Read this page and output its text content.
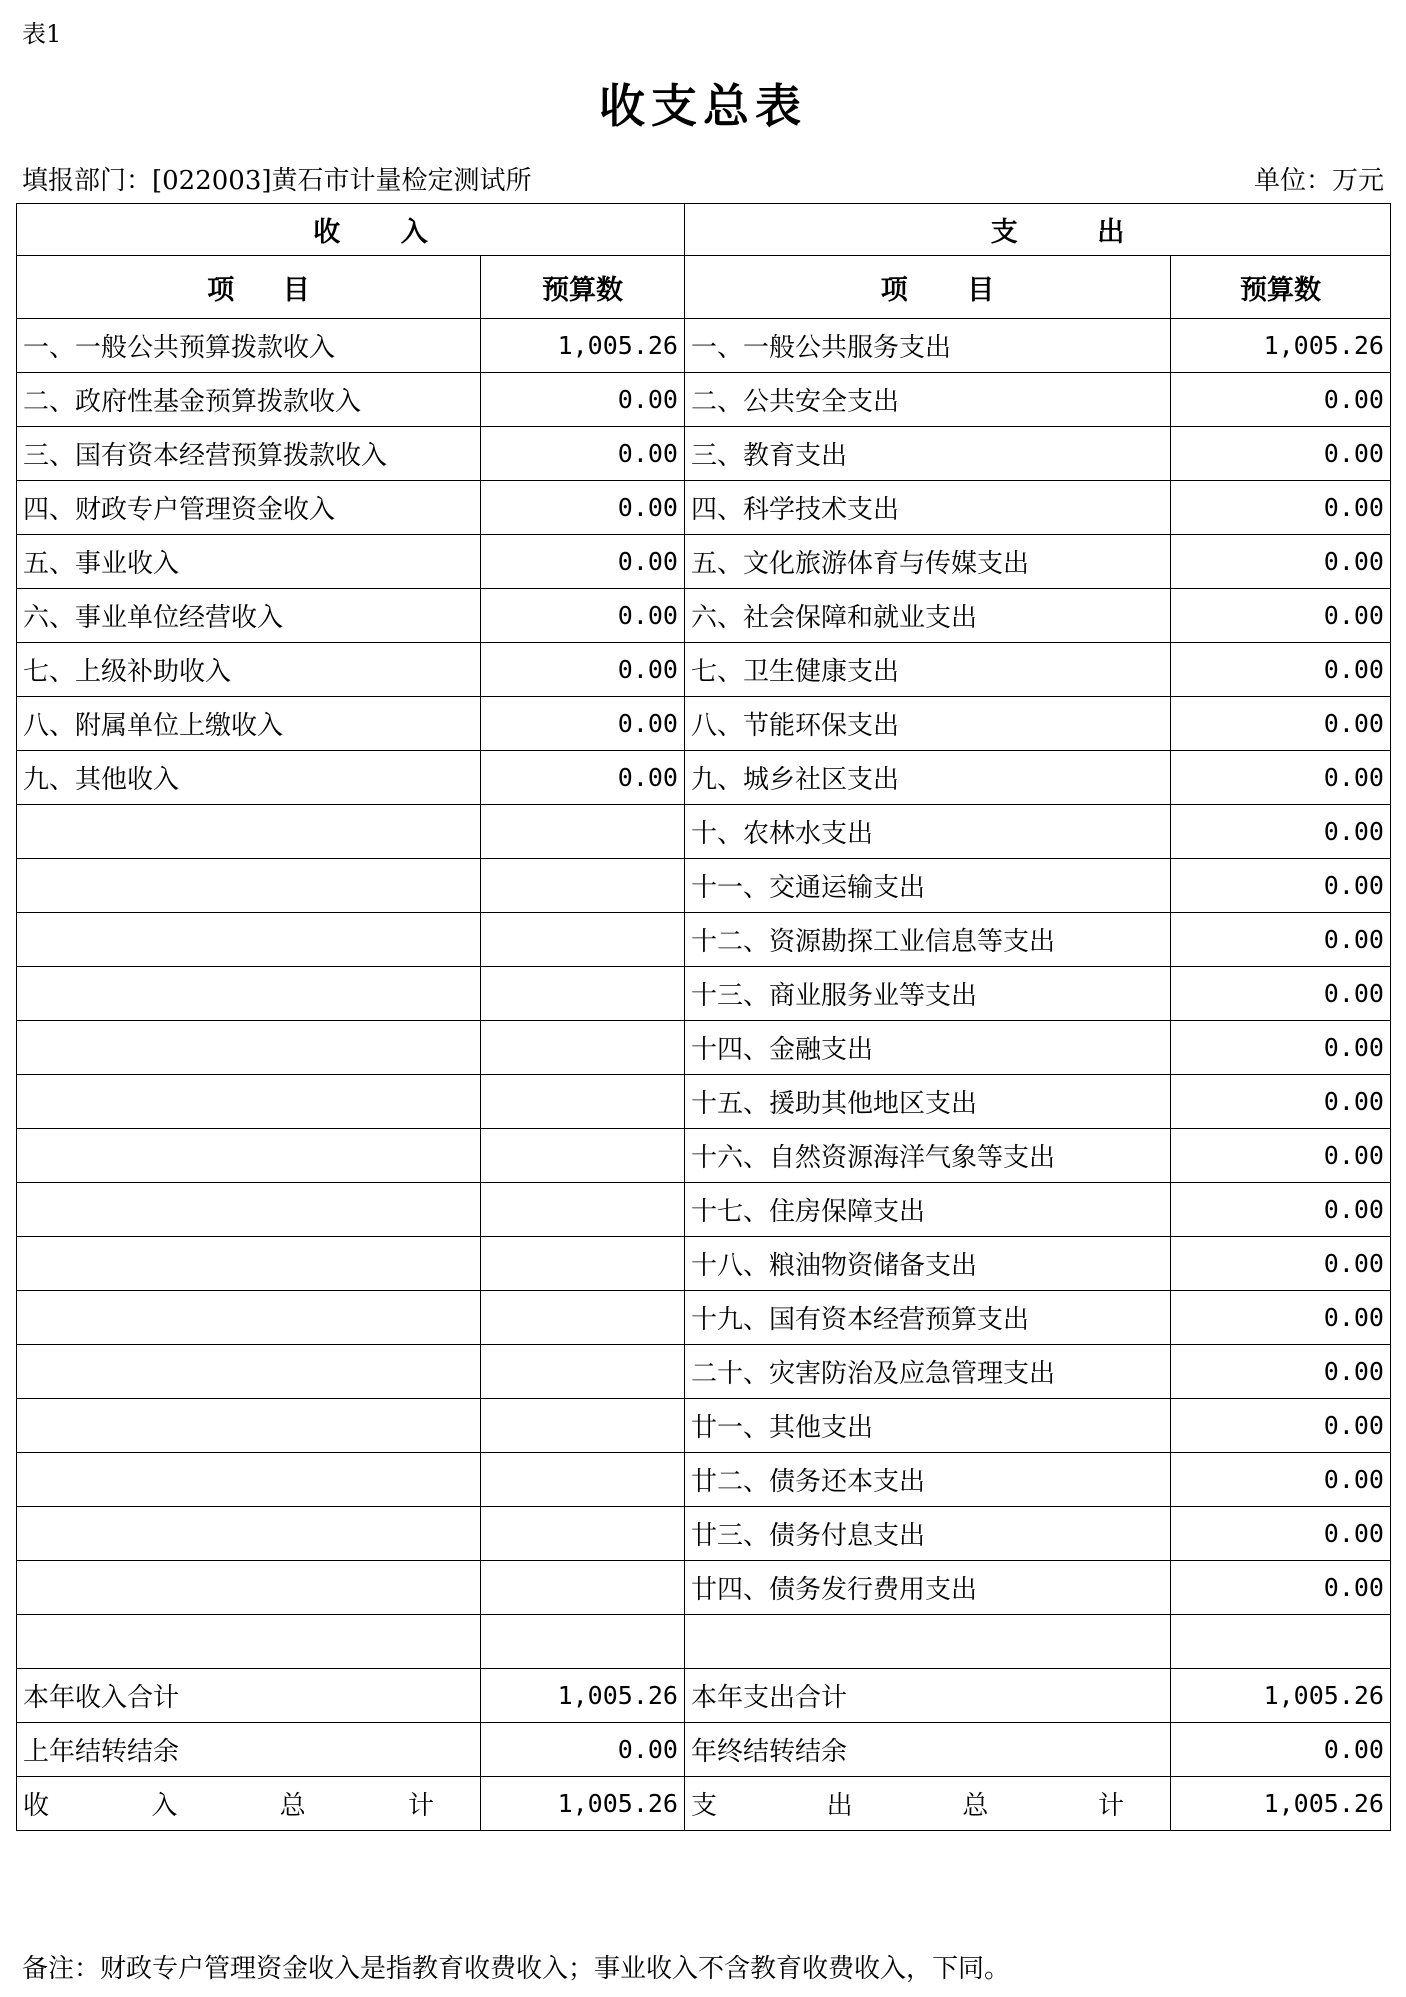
表1
收支总表
填报部门：[022003]黄石市计量检定测试所	单位：万元
收 入		支 出	

项 目	预算数	项 目	预算数
一、一般公共预算拨款收入	1,005.26	一、一般公共服务支出	1,005.26
二、政府性基金预算拨款收入	0.00	二、公共安全支出	0.00
三、国有资本经营预算拨款收入	0.00	三、教育支出	0.00
四、财政专户管理资金收入	0.00	四、科学技术支出	0.00
五、事业收入	0.00	五、文化旅游体育与传媒支出	0.00
六、事业单位经营收入	0.00	六、社会保障和就业支出	0.00
七、上级补助收入	0.00	七、卫生健康支出	0.00
八、附属单位上缴收入	0.00	八、节能环保支出	0.00
九、其他收入	0.00	九、城乡社区支出	0.00
		十、农林水支出	0.00
		十一、交通运输支出	0.00
		十二、资源勘探工业信息等支出	0.00
		十三、商业服务业等支出	0.00
		十四、金融支出	0.00
		十五、援助其他地区支出	0.00
		十六、自然资源海洋气象等支出	0.00
		十七、住房保障支出	0.00
		十八、粮油物资储备支出	0.00
		十九、国有资本经营预算支出	0.00
		二十、灾害防治及应急管理支出	0.00
		廿一、其他支出	0.00
		廿二、债务还本支出	0.00
		廿三、债务付息支出	0.00
		廿四、债务发行费用支出	0.00

本年收入合计	1,005.26	本年支出合计	1,005.26
上年结转结余	0.00	年终结转结余	0.00

收 入 总 计	1,005.26	支 出 总 计	1,005.26
备注：财政专户管理资金收入是指教育收费收入；事业收入不含教育收费收入，下同。
